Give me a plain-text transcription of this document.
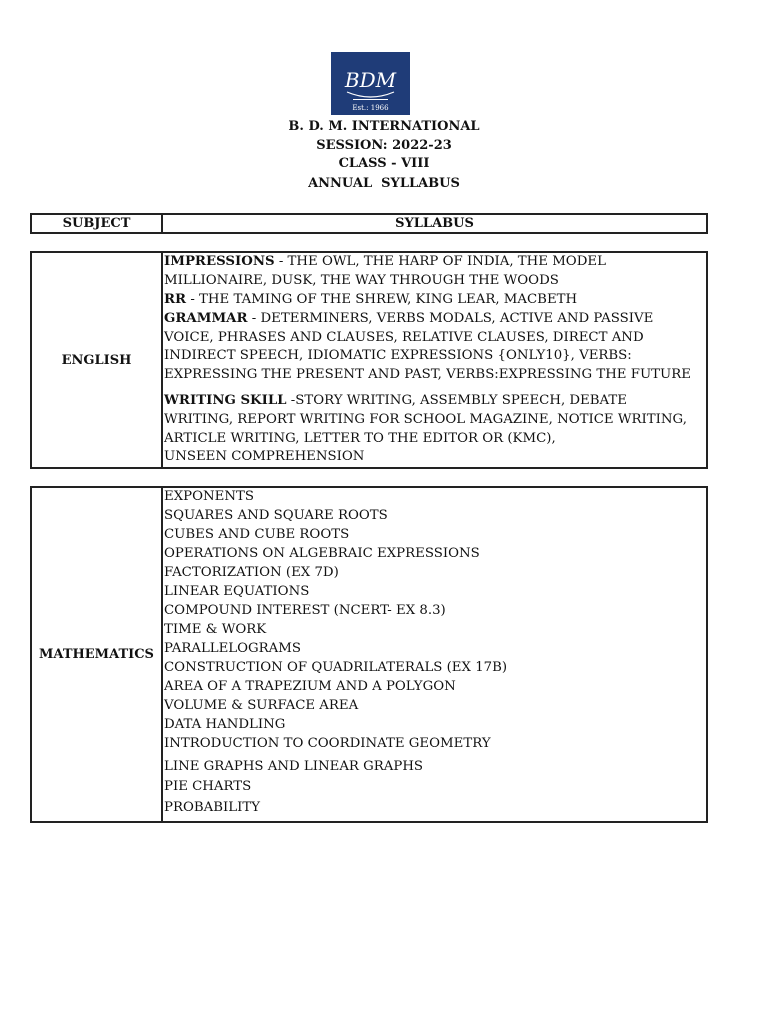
BDM
Est.: 1966
B. D. M. INTERNATIONAL
SESSION: 2022-23
CLASS - VIII
ANNUAL  SYLLABUS
SUBJECT	SYLLABUS
ENGLISH
IMPRESSIONS - THE OWL, THE HARP OF INDIA, THE MODEL
MILLIONAIRE, DUSK, THE WAY THROUGH THE WOODS
RR - THE TAMING OF THE SHREW, KING LEAR, MACBETH
GRAMMAR - DETERMINERS, VERBS MODALS, ACTIVE AND PASSIVE
VOICE, PHRASES AND CLAUSES, RELATIVE CLAUSES, DIRECT AND
INDIRECT SPEECH, IDIOMATIC EXPRESSIONS {ONLY10}, VERBS:
EXPRESSING THE PRESENT AND PAST, VERBS:EXPRESSING THE FUTURE
WRITING SKILL -STORY WRITING, ASSEMBLY SPEECH, DEBATE
WRITING, REPORT WRITING FOR SCHOOL MAGAZINE, NOTICE WRITING,
ARTICLE WRITING, LETTER TO THE EDITOR OR (KMC),
UNSEEN COMPREHENSION
MATHEMATICS
EXPONENTS
SQUARES AND SQUARE ROOTS
CUBES AND CUBE ROOTS
OPERATIONS ON ALGEBRAIC EXPRESSIONS
FACTORIZATION (EX 7D)
LINEAR EQUATIONS
COMPOUND INTEREST (NCERT- EX 8.3)
TIME & WORK
PARALLELOGRAMS
CONSTRUCTION OF QUADRILATERALS (EX 17B)
AREA OF A TRAPEZIUM AND A POLYGON
VOLUME & SURFACE AREA
DATA HANDLING
INTRODUCTION TO COORDINATE GEOMETRY
LINE GRAPHS AND LINEAR GRAPHS
PIE CHARTS
PROBABILITY
